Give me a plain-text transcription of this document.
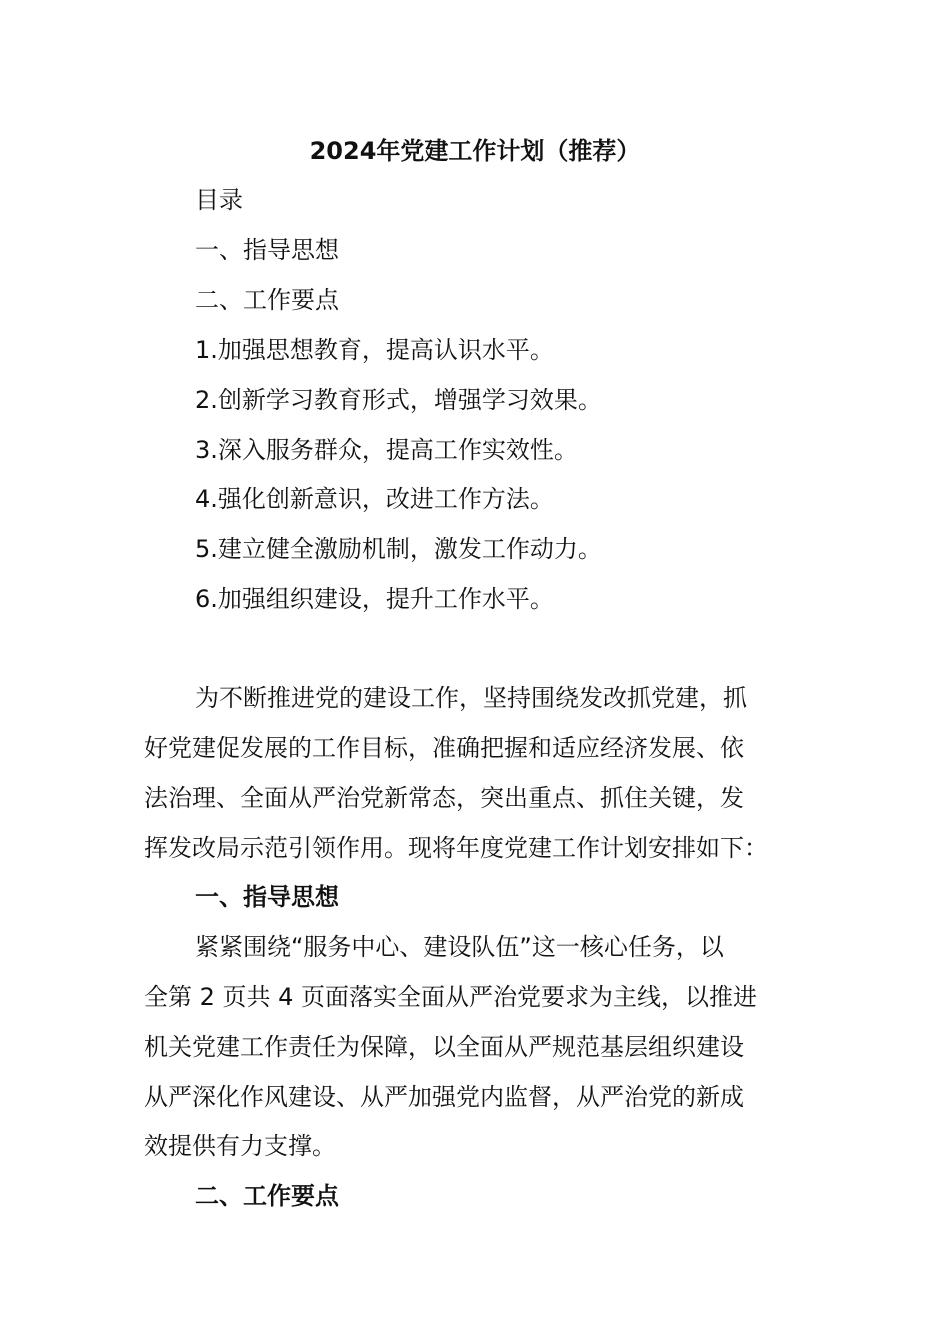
2024年党建工作计划（推荐）

目录

一、指导思想

二、工作要点

1.加强思想教育，提高认识水平。

2.创新学习教育形式，增强学习效果。

3.深入服务群众，提高工作实效性。

4.强化创新意识，改进工作方法。

5.建立健全激励机制，激发工作动力。

6.加强组织建设，提升工作水平。

为不断推进党的建设工作，坚持围绕发改抓党建，抓

好党建促发展的工作目标，准确把握和适应经济发展、依

法治理、全面从严治党新常态，突出重点、抓住关键，发

挥发改局示范引领作用。现将年度党建工作计划安排如下：

一、指导思想

紧紧围绕“服务中心、建设队伍”这一核心任务，以

全第 2 页共 4 页面落实全面从严治党要求为主线，以推进

机关党建工作责任为保障，以全面从严规范基层组织建设

从严深化作风建设、从严加强党内监督，从严治党的新成

效提供有力支撑。

二、工作要点
